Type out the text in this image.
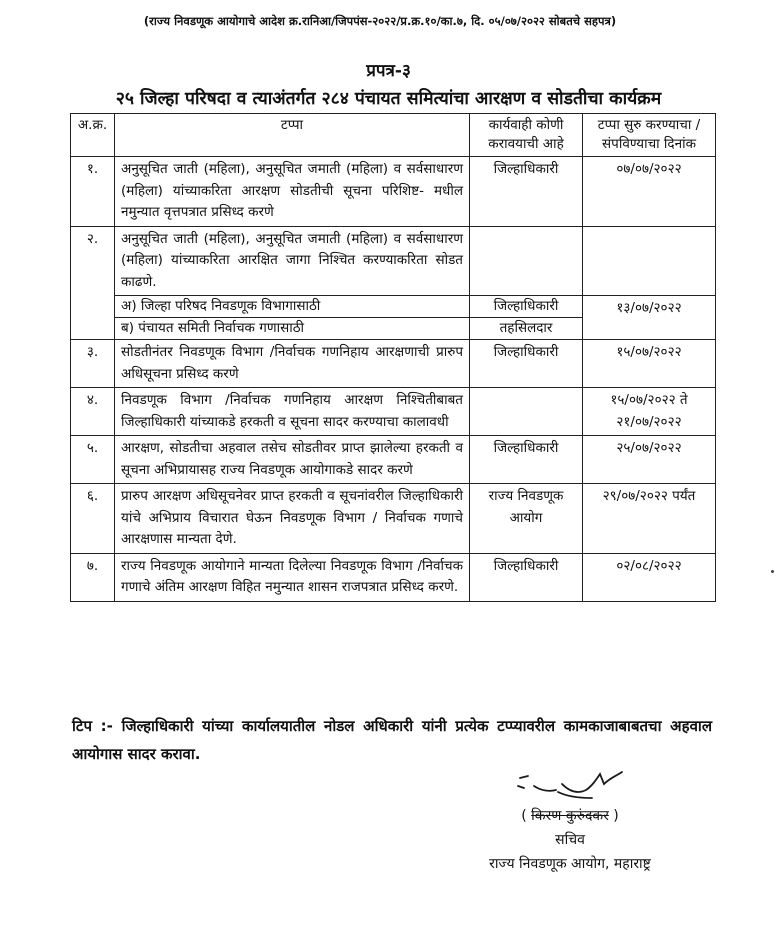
(राज्य निवडणूक आयोगाचे आदेश क्र.रानिआ/जिपपंस-२०२२/प्र.क्र.१०/का.७, दि. ०५/०७/२०२२ सोबतचे सहपत्र)
प्रपत्र-३
२५ जिल्हा परिषदा व त्याअंतर्गत २८४ पंचायत समित्यांचा आरक्षण व सोडतीचा कार्यक्रम
अ.क्र.	टप्पा	कार्यवाही कोणी करावयाची आहे	टप्पा सुरु करण्याचा / संपविण्याचा दिनांक
१.	अनुसूचित जाती (महिला), अनुसूचित जमाती (महिला) व सर्वसाधारण (महिला) यांच्याकरिता आरक्षण सोडतीची सूचना परिशिष्ट- मधील नमुन्यात वृत्तपत्रात प्रसिध्द करणे	जिल्हाधिकारी	०७/०७/२०२२
२.	अनुसूचित जाती (महिला), अनुसूचित जमाती (महिला) व सर्वसाधारण (महिला) यांच्याकरिता आरक्षित जागा निश्चित करण्याकरिता सोडत काढणे.		
	अ) जिल्हा परिषद निवडणूक विभागासाठी	जिल्हाधिकारी	१३/०७/२०२२
	ब) पंचायत समिती निर्वाचक गणासाठी	तहसिलदार	
३.	सोडतीनंतर निवडणूक विभाग /निर्वाचक गणनिहाय आरक्षणाची प्रारुप अधिसूचना प्रसिध्द करणे	जिल्हाधिकारी	१५/०७/२०२२
४.	निवडणूक विभाग /निर्वाचक गणनिहाय आरक्षण निश्चितीबाबत जिल्हाधिकारी यांच्याकडे हरकती व सूचना सादर करण्याचा कालावधी		१५/०७/२०२२ ते २१/०७/२०२२
५.	आरक्षण, सोडतीचा अहवाल तसेच सोडतीवर प्राप्त झालेल्या हरकती व सूचना अभिप्रायासह राज्य निवडणूक आयोगाकडे सादर करणे	जिल्हाधिकारी	२५/०७/२०२२
६.	प्रारुप आरक्षण अधिसूचनेवर प्राप्त हरकती व सूचनांवरील जिल्हाधिकारी यांचे अभिप्राय विचारात घेऊन निवडणूक विभाग / निर्वाचक गणाचे आरक्षणास मान्यता देणे.	राज्य निवडणूक आयोग	२९/०७/२०२२ पर्यंत
७.	राज्य निवडणूक आयोगाने मान्यता दिलेल्या निवडणूक विभाग /निर्वाचक गणाचे अंतिम आरक्षण विहित नमुन्यात शासन राजपत्रात प्रसिध्द करणे.	जिल्हाधिकारी	०२/०८/२०२२
टिप :- जिल्हाधिकारी यांच्या कार्यालयातील नोडल अधिकारी यांनी प्रत्येक टप्प्यावरील कामकाजाबाबतचा अहवाल आयोगास सादर करावा.
( किरण कुरुंदकर )
सचिव
राज्य निवडणूक आयोग, महाराष्ट्र
